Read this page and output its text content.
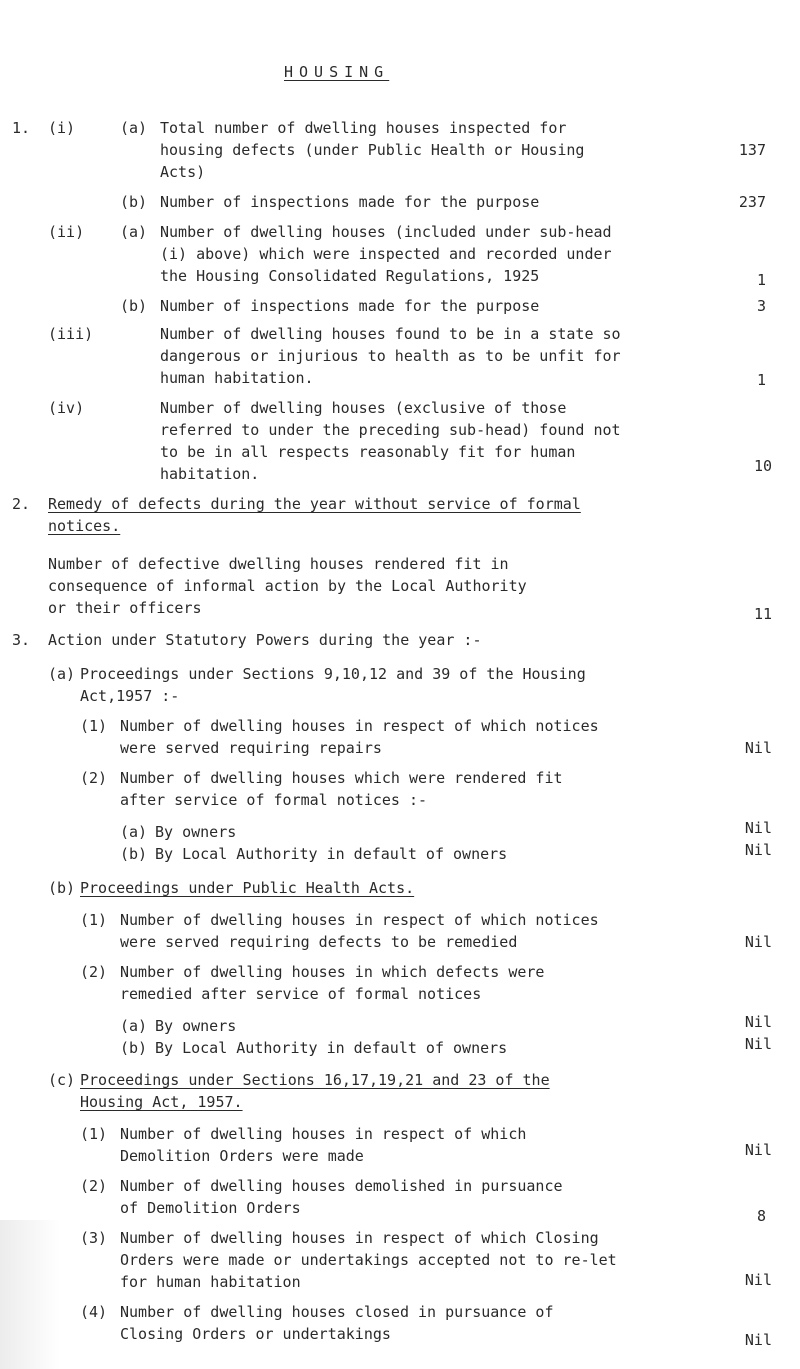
HOUSING
1. (i)	(a) Total number of dwelling houses inspected for
housing defects (under Public Health or Housing
Acts)
137
(b) Number of inspections made for the purpose	237
(ii) (a) Number of dwelling houses (included under sub-head
(i) above) which were inspected and recorded under
the Housing Consolidated Regulations, 1925	1
(b) Number of inspections made for the purpose	3
(iii)	Number of dwelling houses found to be in a state so
dangerous or injurious to health as to be unfit for
human habitation.	1
(iv)	Number of dwelling houses (exclusive of those
referred to under the preceding sub-head) found not
to be in all respects reasonably fit for human
habitation.	10
2. Remedy of defects during the year without service of formal
notices.
Number of defective dwelling houses rendered fit in
consequence of informal action by the Local Authority
or their officers	11
3. Action under Statutory Powers during the year :-
(a) Proceedings under Sections 9,10,12 and 39 of the Housing
Act,1957 :-
(1) Number of dwelling houses in respect of which notices
were served requiring repairs	Nil
(2) Number of dwelling houses which were rendered fit
after service of formal notices :-
(a) By owners	Nil
(b) By Local Authority in default of owners	Nil
(b) Proceedings under Public Health Acts.
(1) Number of dwelling houses in respect of which notices
were served requiring defects to be remedied	Nil
(2) Number of dwelling houses in which defects were
remedied after service of formal notices
(a) By owners	Nil
(b) By Local Authority in default of owners	Nil
(c) Proceedings under Sections 16,17,19,21 and 23 of the
Housing Act, 1957.
(1) Number of dwelling houses in respect of which
Demolition Orders were made	Nil
(2) Number of dwelling houses demolished in pursuance
of Demolition Orders	8
(3) Number of dwelling houses in respect of which Closing
Orders were made or undertakings accepted not to re-let
for human habitation	Nil
(4) Number of dwelling houses closed in pursuance of
Closing Orders or undertakings	Nil
